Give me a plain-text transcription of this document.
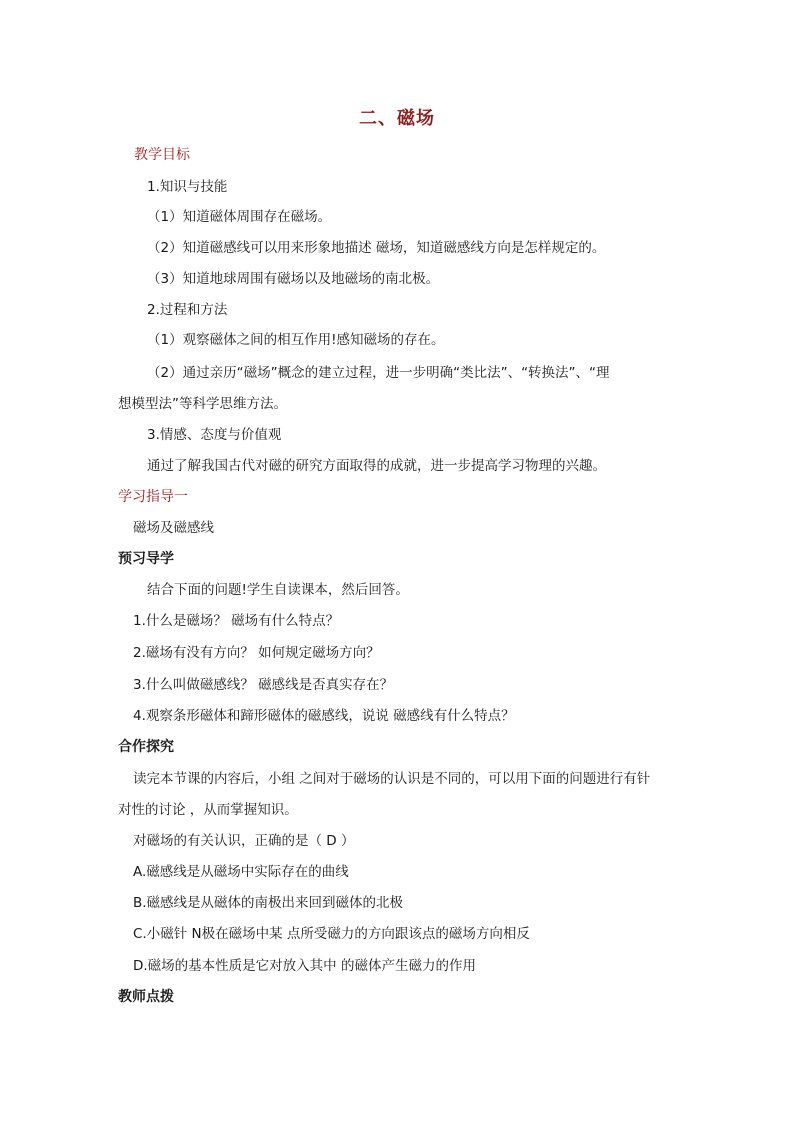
二、磁场
教学目标
1.知识与技能
（1）知道磁体周围存在磁场。
（2）知道磁感线可以用来形象地描述 磁场，知道磁感线方向是怎样规定的。
（3）知道地球周围有磁场以及地磁场的南北极。
2.过程和方法
（1）观察磁体之间的相互作用!感知磁场的存在。
（2）通过亲历“磁场”概念的建立过程，进一步明确“类比法”、“转换法”、“理
想模型法”等科学思维方法。
3.情感、态度与价值观
通过了解我国古代对磁的研究方面取得的成就，进一步提高学习物理的兴趣。
学习指导一
磁场及磁感线
预习导学
结合下面的问题!学生自读课本，然后回答。
1.什么是磁场？ 磁场有什么特点？
2.磁场有没有方向？ 如何规定磁场方向？
3.什么叫做磁感线？ 磁感线是否真实存在？
4.观察条形磁体和蹄形磁体的磁感线，说说 磁感线有什么特点？
合作探究
读完本节课的内容后，小组 之间对于磁场的认识是不同的，可以用下面的问题进行有针
对性的讨论 ，从而掌握知识。
对磁场的有关认识，正确的是（ D ）
A.磁感线是从磁场中实际存在的曲线
B.磁感线是从磁体的南极出来回到磁体的北极
C.小磁针 N极在磁场中某 点所受磁力的方向跟该点的磁场方向相反
D.磁场的基本性质是它对放入其中 的磁体产生磁力的作用
教师点拨
